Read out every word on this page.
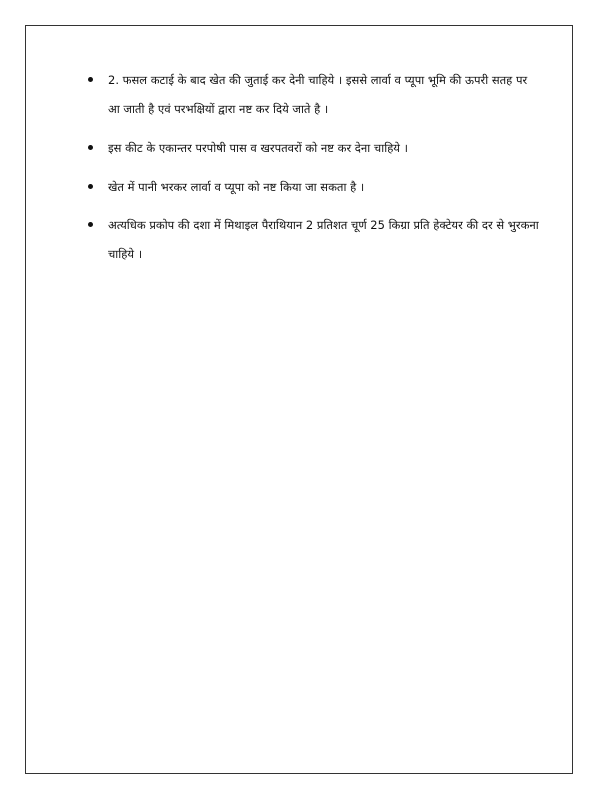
2. फसल कटाई के बाद खेत की जुताई कर देनी चाहिये । इससे लार्वा व प्यूपा भूमि की ऊपरी सतह पर आ जाती है एवं परभक्षियों द्वारा नष्ट कर दिये जाते है ।
इस कीट के एकान्तर परपोषी पास व खरपतवरों को नष्ट कर देना चाहिये ।
खेत में पानी भरकर लार्वा व प्यूपा को नष्ट किया जा सकता है ।
अत्यधिक प्रकोप की दशा में मिथाइल पैराथियान 2 प्रतिशत चूर्ण 25 किग्रा प्रति हेक्टेयर की दर से भुरकना चाहिये ।
